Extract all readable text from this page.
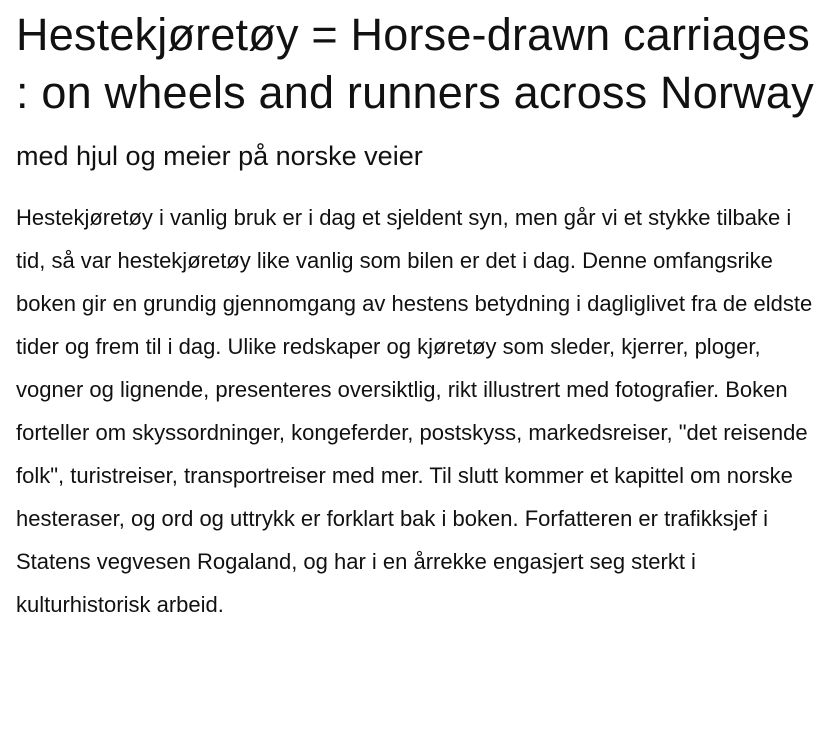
Hestekjøretøy = Horse-drawn carriages : on wheels and runners across Norway
med hjul og meier på norske veier

Hestekjøretøy i vanlig bruk er i dag et sjeldent syn, men går vi et stykke tilbake i tid, så var hestekjøretøy like vanlig som bilen er det i dag. Denne omfangsrike boken gir en grundig gjennomgang av hestens betydning i dagliglivet fra de eldste tider og frem til i dag. Ulike redskaper og kjøretøy som sleder, kjerrer, ploger, vogner og lignende, presenteres oversiktlig, rikt illustrert med fotografier. Boken forteller om skyssordninger, kongeferder, postskyss, markedsreiser, "det reisende folk", turistreiser, transportreiser med mer. Til slutt kommer et kapittel om norske hesteraser, og ord og uttrykk er forklart bak i boken. Forfatteren er trafikksjef i Statens vegvesen Rogaland, og har i en årrekke engasjert seg sterkt i kulturhistorisk arbeid.
